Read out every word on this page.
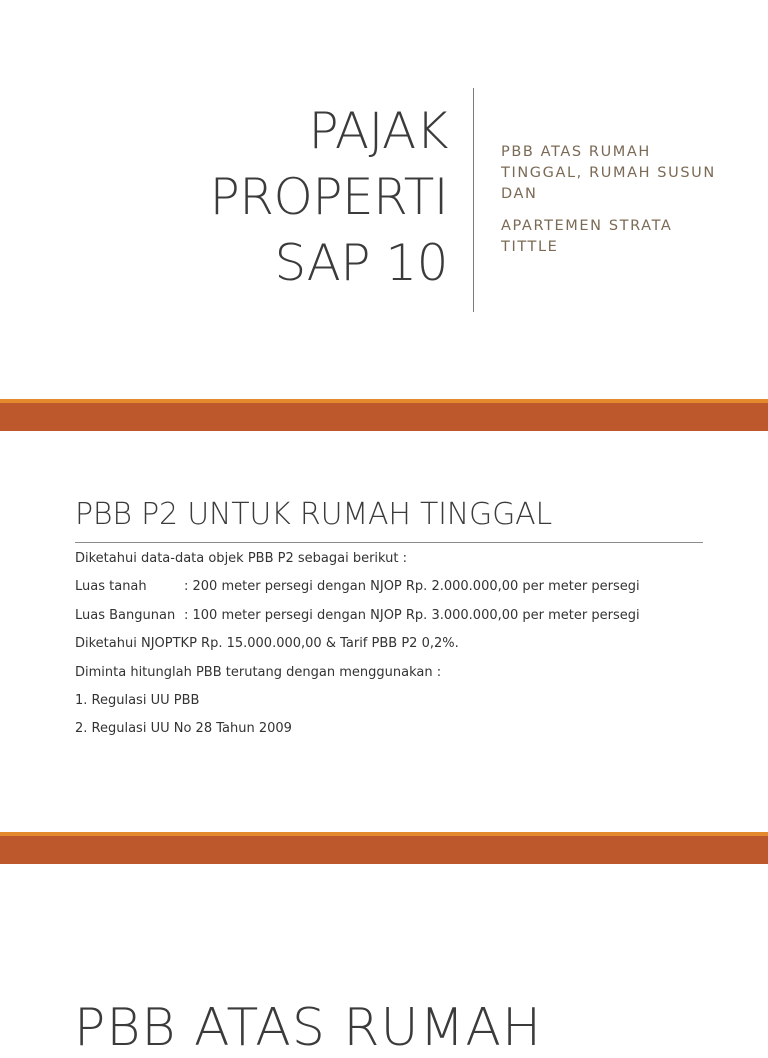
PAJAK
PROPERTI
SAP 10

PBB ATAS RUMAH TINGGAL, RUMAH SUSUN DAN

APARTEMEN STRATA TITTLE

PBB P2 UNTUK RUMAH TINGGAL
Diketahui data-data objek PBB P2 sebagai berikut :
Luas tanah	: 200 meter persegi dengan NJOP Rp. 2.000.000,00 per meter persegi
Luas Bangunan : 100 meter persegi dengan NJOP Rp. 3.000.000,00 per meter persegi
Diketahui NJOPTKP Rp. 15.000.000,00 & Tarif PBB P2 0,2%.
Diminta hitunglah PBB terutang dengan menggunakan :
1. Regulasi UU PBB
2. Regulasi UU No 28 Tahun 2009
PBB ATAS RUMAH
